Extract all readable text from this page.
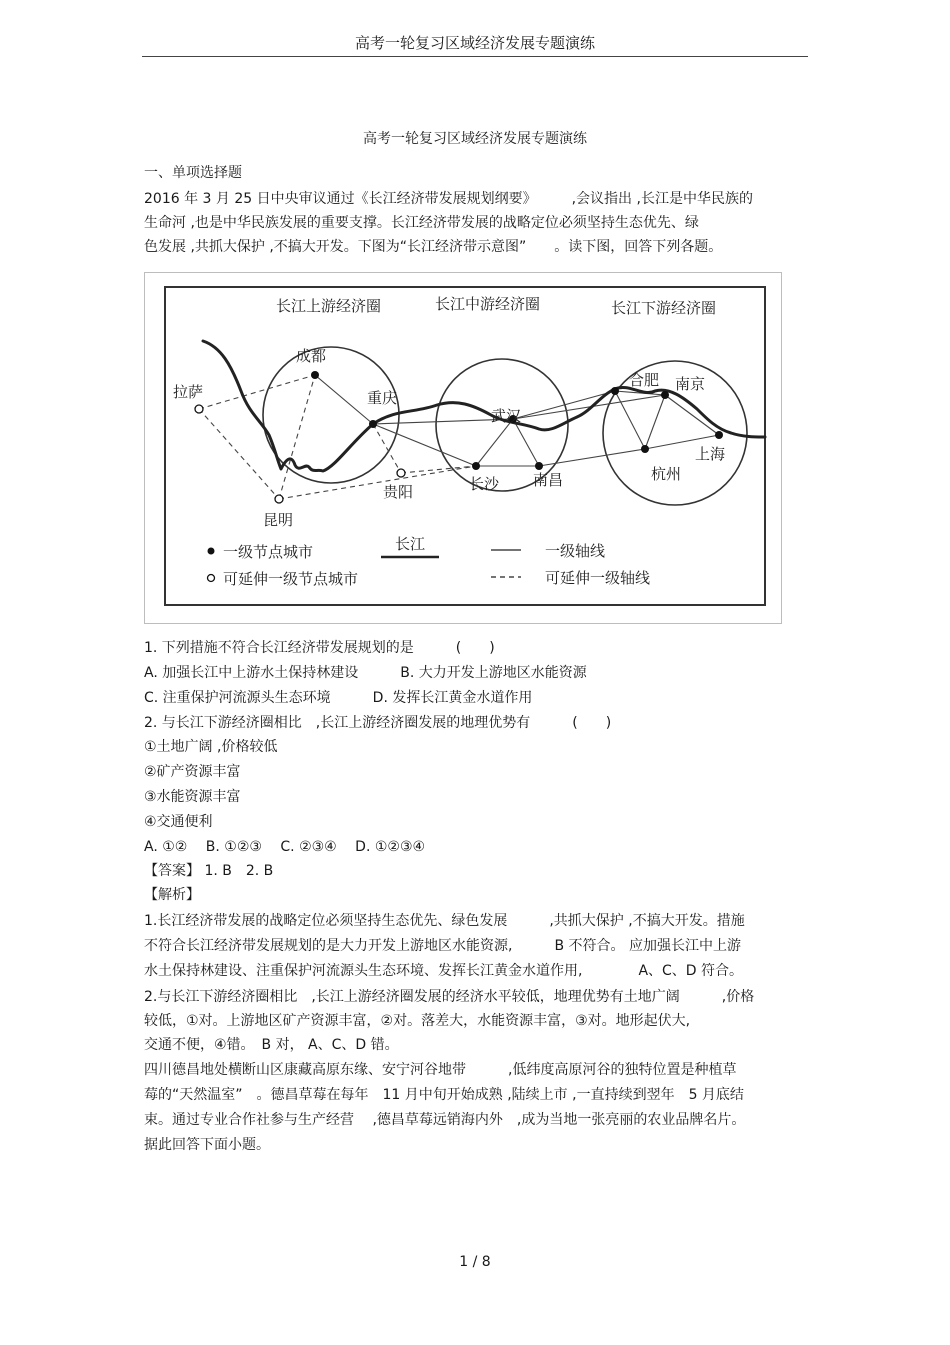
高考一轮复习区域经济发展专题演练
高考一轮复习区域经济发展专题演练
一、单项选择题
2016 年 3 月 25 日中央审议通过《长江经济带发展规划纲要》　　　,会议指出 ,长江是中华民族的
生命河 ,也是中华民族发展的重要支撑。长江经济带发展的战略定位必须坚持生态优先、绿
色发展 ,共抓大保护 ,不搞大开发。下图为“长江经济带示意图”　　。读下图，回答下列各题。
长江上游经济圈	长江中游经济圈	长江下游经济圈
成都
重庆
拉萨
昆明
贵阳
武汉
长沙 南昌
合肥 南京
上海
杭州
一级节点城市
可延伸一级节点城市
长江	一级轴线
可延伸一级轴线
1. 下列措施不符合长江经济带发展规划的是　　　(　　)
A. 加强长江中上游水土保持林建设　　　B. 大力开发上游地区水能资源
C. 注重保护河流源头生态环境　　　D. 发挥长江黄金水道作用
2. 与长江下游经济圈相比　,长江上游经济圈发展的地理优势有　　　(　　)
①土地广阔 ,价格较低
②矿产资源丰富
③水能资源丰富
④交通便利
A. ①②　 B. ①②③　 C. ②③④　 D. ①②③④
【答案】 1. B　2. B
【解析】
1.长江经济带发展的战略定位必须坚持生态优先、绿色发展　　　,共抓大保护 ,不搞大开发。措施
不符合长江经济带发展规划的是大力开发上游地区水能资源,　　　B 不符合。 应加强长江中上游
水土保持林建设、注重保护河流源头生态环境、发挥长江黄金水道作用,　　　　A、C、D 符合。
2.与长江下游经济圈相比　,长江上游经济圈发展的经济水平较低，地理优势有土地广阔　　　,价格
较低，①对。上游地区矿产资源丰富，②对。落差大，水能资源丰富，③对。地形起伏大,
交通不便，④错。　B 对， A、C、D 错。
四川德昌地处横断山区康藏高原东缘、安宁河谷地带　　　,低纬度高原河谷的独特位置是种植草
莓的“天然温室”　。德昌草莓在每年　11 月中旬开始成熟 ,陆续上市 ,一直持续到翌年　5 月底结
束。通过专业合作社参与生产经营　 ,德昌草莓远销海内外　,成为当地一张亮丽的农业品牌名片。
据此回答下面小题。
1 / 8
